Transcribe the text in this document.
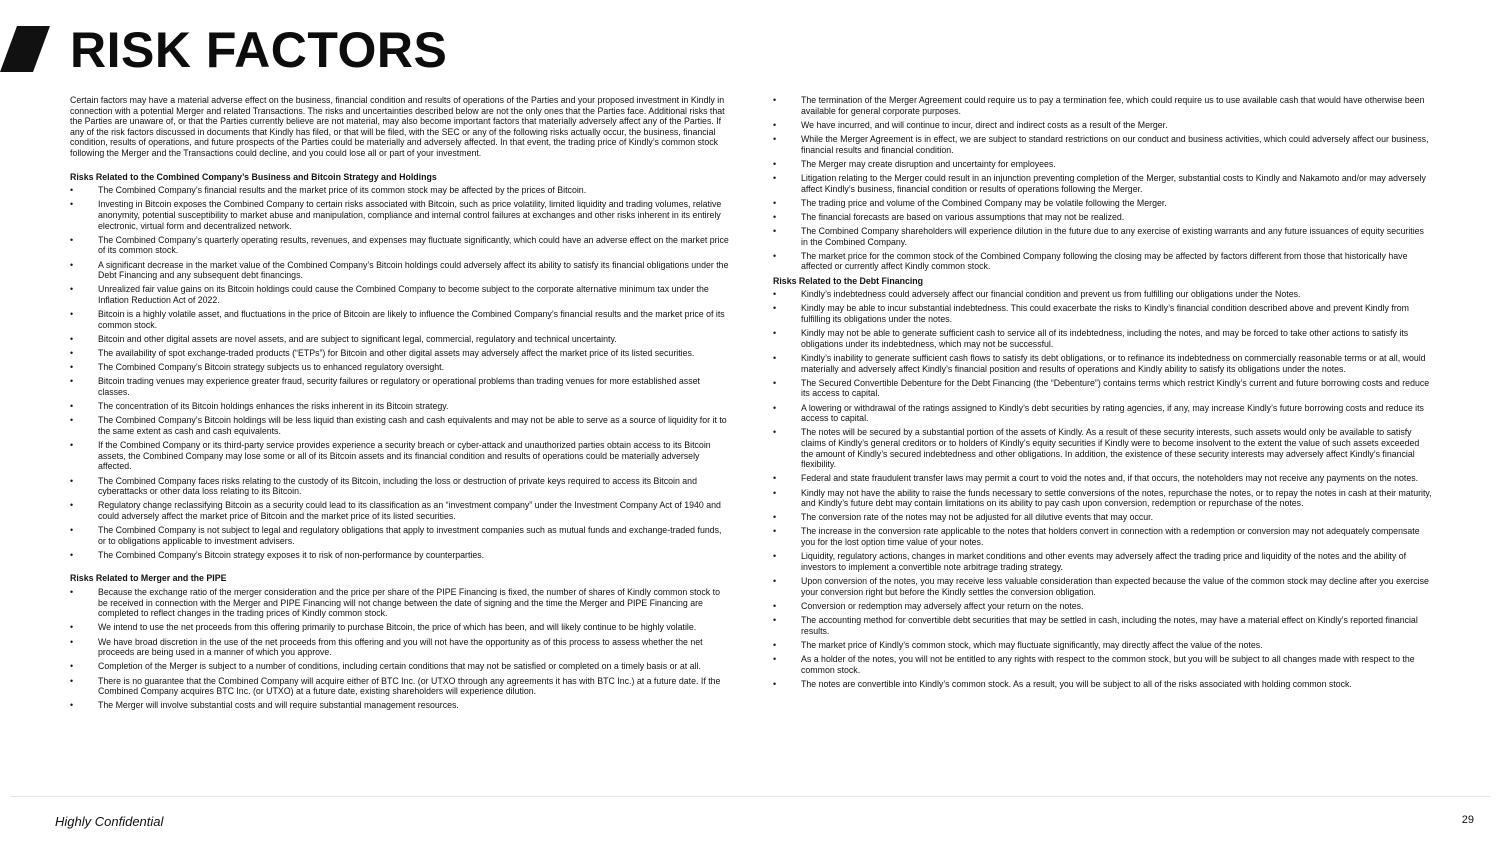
RISK FACTORS

Certain factors may have a material adverse effect on the business, financial condition and results of operations of the Parties and your proposed investment in Kindly in connection with a potential Merger and related Transactions. The risks and uncertainties described below are not the only ones that the Parties face. Additional risks that the Parties are unaware of, or that the Parties currently believe are not material, may also become important factors that materially adversely affect any of the Parties. If any of the risk factors discussed in documents that Kindly has filed, or that will be filed, with the SEC or any of the following risks actually occur, the business, financial condition, results of operations, and future prospects of the Parties could be materially and adversely affected. In that event, the trading price of Kindly’s common stock following the Merger and the Transactions could decline, and you could lose all or part of your investment.

Risks Related to the Combined Company’s Business and Bitcoin Strategy and Holdings

• The Combined Company’s financial results and the market price of its common stock may be affected by the prices of Bitcoin.
• Investing in Bitcoin exposes the Combined Company to certain risks associated with Bitcoin, such as price volatility, limited liquidity and trading volumes, relative anonymity, potential susceptibility to market abuse and manipulation, compliance and internal control failures at exchanges and other risks inherent in its entirely electronic, virtual form and decentralized network.
• The Combined Company’s quarterly operating results, revenues, and expenses may fluctuate significantly, which could have an adverse effect on the market price of its common stock.
• A significant decrease in the market value of the Combined Company’s Bitcoin holdings could adversely affect its ability to satisfy its financial obligations under the Debt Financing and any subsequent debt financings.
• Unrealized fair value gains on its Bitcoin holdings could cause the Combined Company to become subject to the corporate alternative minimum tax under the Inflation Reduction Act of 2022.
• Bitcoin is a highly volatile asset, and fluctuations in the price of Bitcoin are likely to influence the Combined Company’s financial results and the market price of its common stock.
• Bitcoin and other digital assets are novel assets, and are subject to significant legal, commercial, regulatory and technical uncertainty.
• The availability of spot exchange-traded products (“ETPs”) for Bitcoin and other digital assets may adversely affect the market price of its listed securities.
• The Combined Company’s Bitcoin strategy subjects us to enhanced regulatory oversight.
• Bitcoin trading venues may experience greater fraud, security failures or regulatory or operational problems than trading venues for more established asset classes.
• The concentration of its Bitcoin holdings enhances the risks inherent in its Bitcoin strategy.
• The Combined Company’s Bitcoin holdings will be less liquid than existing cash and cash equivalents and may not be able to serve as a source of liquidity for it to the same extent as cash and cash equivalents.
• If the Combined Company or its third-party service provides experience a security breach or cyber-attack and unauthorized parties obtain access to its Bitcoin assets, the Combined Company may lose some or all of its Bitcoin assets and its financial condition and results of operations could be materially adversely affected.
• The Combined Company faces risks relating to the custody of its Bitcoin, including the loss or destruction of private keys required to access its Bitcoin and cyberattacks or other data loss relating to its Bitcoin.
• Regulatory change reclassifying Bitcoin as a security could lead to its classification as an “investment company” under the Investment Company Act of 1940 and could adversely affect the market price of Bitcoin and the market price of its listed securities.
• The Combined Company is not subject to legal and regulatory obligations that apply to investment companies such as mutual funds and exchange-traded funds, or to obligations applicable to investment advisers.
• The Combined Company’s Bitcoin strategy exposes it to risk of non-performance by counterparties.

Risks Related to Merger and the PIPE

• Because the exchange ratio of the merger consideration and the price per share of the PIPE Financing is fixed, the number of shares of Kindly common stock to be received in connection with the Merger and PIPE Financing will not change between the date of signing and the time the Merger and PIPE Financing are completed to reflect changes in the trading prices of Kindly common stock.
• We intend to use the net proceeds from this offering primarily to purchase Bitcoin, the price of which has been, and will likely continue to be highly volatile.
• We have broad discretion in the use of the net proceeds from this offering and you will not have the opportunity as of this process to assess whether the net proceeds are being used in a manner of which you approve.
• Completion of the Merger is subject to a number of conditions, including certain conditions that may not be satisfied or completed on a timely basis or at all.
• There is no guarantee that the Combined Company will acquire either of BTC Inc. (or UTXO through any agreements it has with BTC Inc.) at a future date. If the Combined Company acquires BTC Inc. (or UTXO) at a future date, existing shareholders will experience dilution.
• The Merger will involve substantial costs and will require substantial management resources.
• The termination of the Merger Agreement could require us to pay a termination fee, which could require us to use available cash that would have otherwise been available for general corporate purposes.
• We have incurred, and will continue to incur, direct and indirect costs as a result of the Merger.
• While the Merger Agreement is in effect, we are subject to standard restrictions on our conduct and business activities, which could adversely affect our business, financial results and financial condition.
• The Merger may create disruption and uncertainty for employees.
• Litigation relating to the Merger could result in an injunction preventing completion of the Merger, substantial costs to Kindly and Nakamoto and/or may adversely affect Kindly’s business, financial condition or results of operations following the Merger.
• The trading price and volume of the Combined Company may be volatile following the Merger.
• The financial forecasts are based on various assumptions that may not be realized.
• The Combined Company shareholders will experience dilution in the future due to any exercise of existing warrants and any future issuances of equity securities in the Combined Company.
• The market price for the common stock of the Combined Company following the closing may be affected by factors different from those that historically have affected or currently affect Kindly common stock.

Risks Related to the Debt Financing

• Kindly’s indebtedness could adversely affect our financial condition and prevent us from fulfilling our obligations under the Notes.
• Kindly may be able to incur substantial indebtedness. This could exacerbate the risks to Kindly’s financial condition described above and prevent Kindly from fulfilling its obligations under the notes.
• Kindly may not be able to generate sufficient cash to service all of its indebtedness, including the notes, and may be forced to take other actions to satisfy its obligations under its indebtedness, which may not be successful.
• Kindly’s inability to generate sufficient cash flows to satisfy its debt obligations, or to refinance its indebtedness on commercially reasonable terms or at all, would materially and adversely affect Kindly’s financial position and results of operations and Kindly ability to satisfy its obligations under the notes.
• The Secured Convertible Debenture for the Debt Financing (the “Debenture”) contains terms which restrict Kindly’s current and future borrowing costs and reduce its access to capital.
• A lowering or withdrawal of the ratings assigned to Kindly’s debt securities by rating agencies, if any, may increase Kindly’s future borrowing costs and reduce its access to capital.
• The notes will be secured by a substantial portion of the assets of Kindly. As a result of these security interests, such assets would only be available to satisfy claims of Kindly’s general creditors or to holders of Kindly’s equity securities if Kindly were to become insolvent to the extent the value of such assets exceeded the amount of Kindly’s secured indebtedness and other obligations. In addition, the existence of these security interests may adversely affect Kindly’s financial flexibility.
• Federal and state fraudulent transfer laws may permit a court to void the notes and, if that occurs, the noteholders may not receive any payments on the notes.
• Kindly may not have the ability to raise the funds necessary to settle conversions of the notes, repurchase the notes, or to repay the notes in cash at their maturity, and Kindly’s future debt may contain limitations on its ability to pay cash upon conversion, redemption or repurchase of the notes.
• The conversion rate of the notes may not be adjusted for all dilutive events that may occur.
• The increase in the conversion rate applicable to the notes that holders convert in connection with a redemption or conversion may not adequately compensate you for the lost option time value of your notes.
• Liquidity, regulatory actions, changes in market conditions and other events may adversely affect the trading price and liquidity of the notes and the ability of investors to implement a convertible note arbitrage trading strategy.
• Upon conversion of the notes, you may receive less valuable consideration than expected because the value of the common stock may decline after you exercise your conversion right but before the Kindly settles the conversion obligation.
• Conversion or redemption may adversely affect your return on the notes.
• The accounting method for convertible debt securities that may be settled in cash, including the notes, may have a material effect on Kindly’s reported financial results.
• The market price of Kindly’s common stock, which may fluctuate significantly, may directly affect the value of the notes.
• As a holder of the notes, you will not be entitled to any rights with respect to the common stock, but you will be subject to all changes made with respect to the common stock.
• The notes are convertible into Kindly’s common stock. As a result, you will be subject to all of the risks associated with holding common stock.
Highly Confidential	29
